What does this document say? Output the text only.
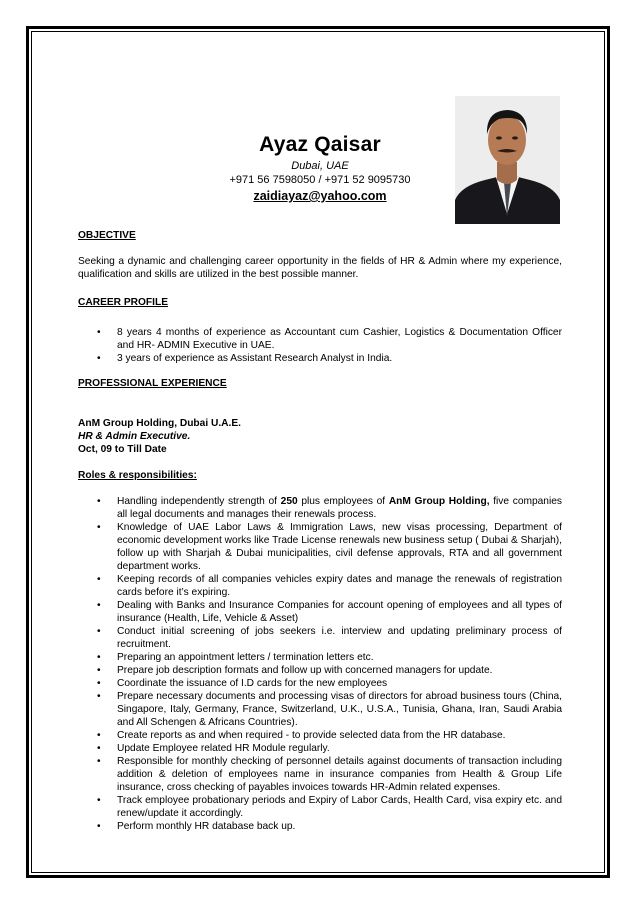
Ayaz Qaisar
Dubai, UAE
+971 56 7598050 / +971 52 9095730
zaidiayaz@yahoo.com
OBJECTIVE
Seeking a dynamic and challenging career opportunity in the fields of HR & Admin where my experience, qualification and skills are utilized in the best possible manner.
CAREER PROFILE
• 8 years 4 months of experience as Accountant cum Cashier, Logistics & Documentation Officer and HR- ADMIN Executive in UAE.
• 3 years of experience as Assistant Research Analyst in India.
PROFESSIONAL EXPERIENCE
AnM Group Holding, Dubai U.A.E.
HR & Admin Executive.
Oct, 09 to Till Date
Roles & responsibilities:
• Handling independently strength of 250 plus employees of AnM Group Holding, five companies all legal documents and manages their renewals process.
• Knowledge of UAE Labor Laws & Immigration Laws, new visas processing, Department of economic development works like Trade License renewals new business setup ( Dubai & Sharjah), follow up with Sharjah & Dubai municipalities, civil defense approvals, RTA and all government department works.
• Keeping records of all companies vehicles expiry dates and manage the renewals of registration cards before it’s expiring.
• Dealing with Banks and Insurance Companies for account opening of employees and all types of insurance (Health, Life, Vehicle & Asset)
• Conduct initial screening of jobs seekers i.e. interview and updating preliminary process of recruitment.
• Preparing an appointment letters / termination letters etc.
• Prepare job description formats and follow up with concerned managers for update.
• Coordinate the issuance of I.D cards for the new employees
• Prepare necessary documents and processing visas of directors for abroad business tours (China, Singapore, Italy, Germany, France, Switzerland, U.K., U.S.A., Tunisia, Ghana, Iran, Saudi Arabia and All Schengen & Africans Countries).
• Create reports as and when required - to provide selected data from the HR database.
• Update Employee related HR Module regularly.
• Responsible for monthly checking of personnel details against documents of transaction including addition & deletion of employees name in insurance companies from Health & Group Life insurance, cross checking of payables invoices towards HR-Admin related expenses.
• Track employee probationary periods and Expiry of Labor Cards, Health Card, visa expiry etc. and renew/update it accordingly.
• Perform monthly HR database back up.
